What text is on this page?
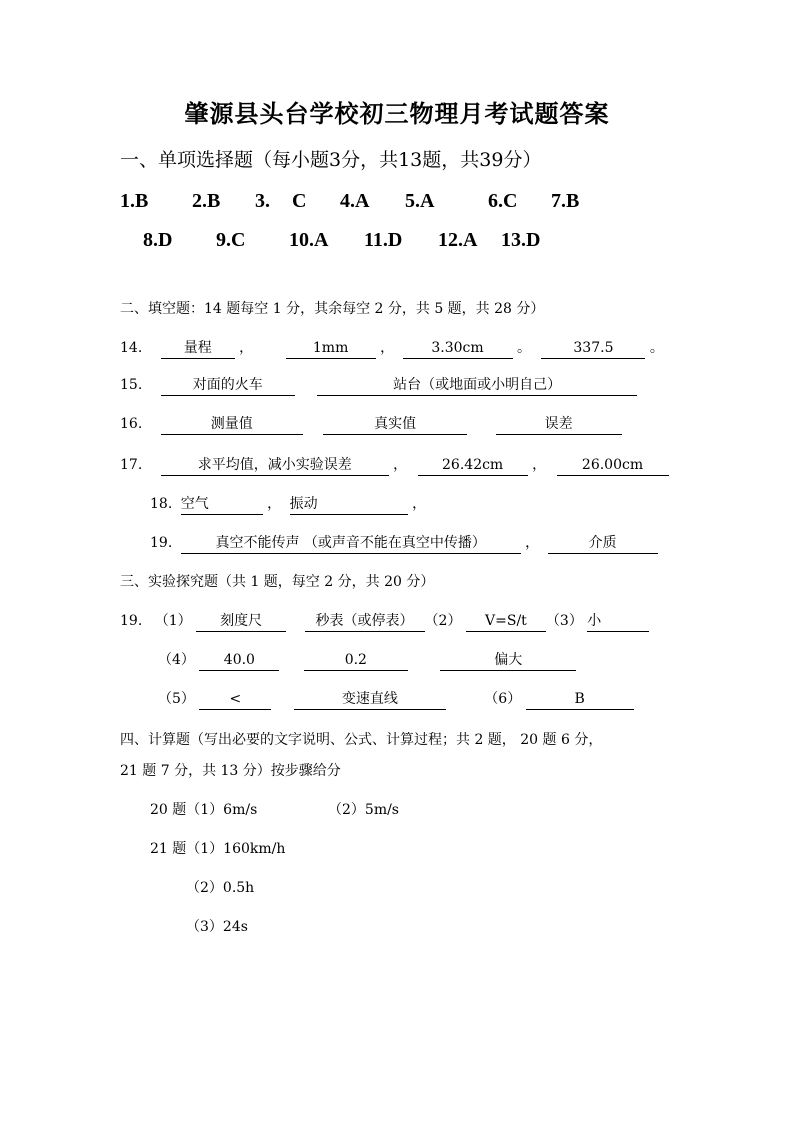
肇源县头台学校初三物理月考试题答案
一、单项选择题（每小题3分，共13题，共39分）
1.B 2.B 3. C 4.A 5.A	6.C 7.B
8.D 9.C 10.A 11.D 12.A 13.D
二、填空题：14 题每空 1 分，其余每空 2 分，共 5 题，共 28 分）
14.	量程 ，	1mm ，	3.30cm 。	337.5	。
15.	对面的火车	站台（或地面或小明自己）
16.	测量值	真实值	误差
17.	求平均值，减小实验误差	， 26.42cm ，	26.00cm
18. 空气	， 振动	，
19.	真空不能传声 （或声音不能在真空中传播）	，	介质
三、实验探究题（共 1 题，每空 2 分，共 20 分）
19. （1） 刻度尺	秒表（或停表） （2） V=S/t （3） 小
（4） 40.0	0.2	偏大
（5） <	变速直线	（6）	B
四、计算题（写出必要的文字说明、公式、计算过程；共 2 题， 20 题 6 分，
21 题 7 分，共 13 分）按步骤给分
20 题（1）6m/s	（2）5m/s
21 题（1）160km/h
（2）0.5h
（3）24s
